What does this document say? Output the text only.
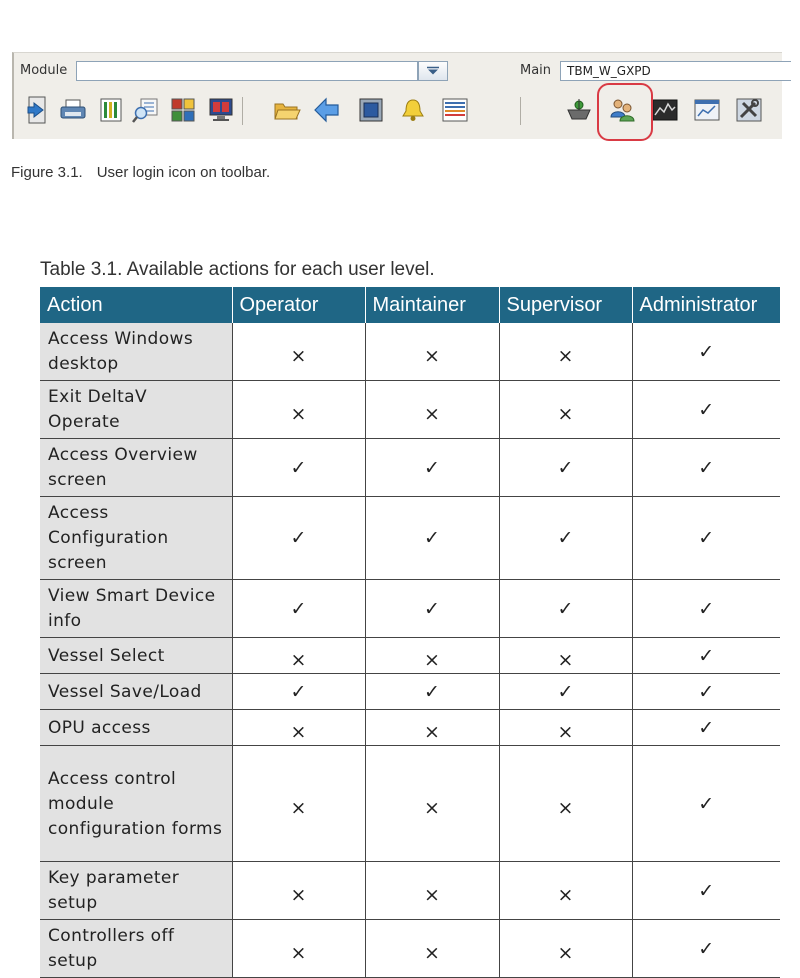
Module	Main TBM_W_GXPD
Figure 3.1. User login icon on toolbar.
Table 3.1. Available actions for each user level.
Action	Operator	Maintainer	Supervisor	Administrator
Access Windows desktop	×	×	×	✓
Exit DeltaV Operate	×	×	×	✓
Access Overview screen	✓	✓	✓	✓
Access Configuration screen	✓	✓	✓	✓
View Smart Device info	✓	✓	✓	✓
Vessel Select	×	×	×	✓
Vessel Save/Load	✓	✓	✓	✓
OPU access	×	×	×	✓
Access control module configuration forms	×	×	×	✓
Key parameter setup	×	×	×	✓
Controllers off setup	×	×	×	✓
